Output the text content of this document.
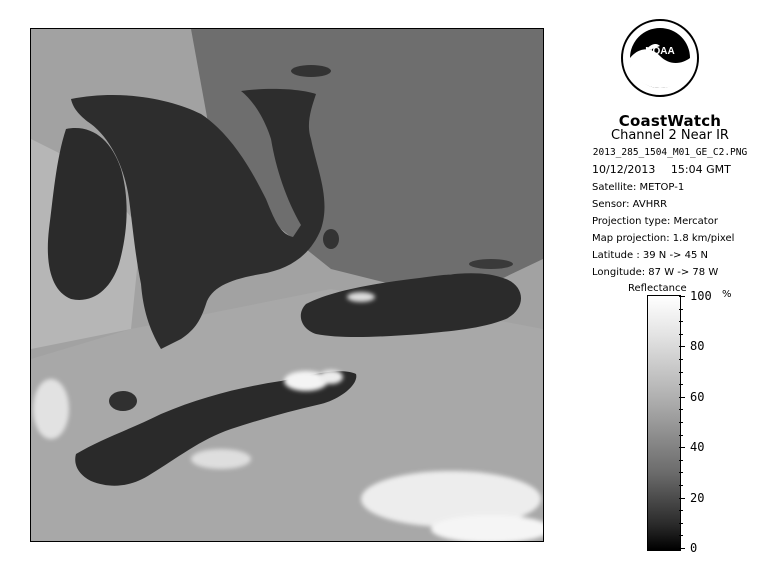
NOAA
CoastWatch
Channel 2 Near IR
2013_285_1504_M01_GE_C2.PNG
10/12/2013 15:04 GMT
Satellite: METOP-1
Sensor: AVHRR
Projection type: Mercator
Map projection: 1.8 km/pixel
Latitude : 39 N -> 45 N
Longitude: 87 W -> 78 W
Reflectance
%
100
80
60
40
20
0
